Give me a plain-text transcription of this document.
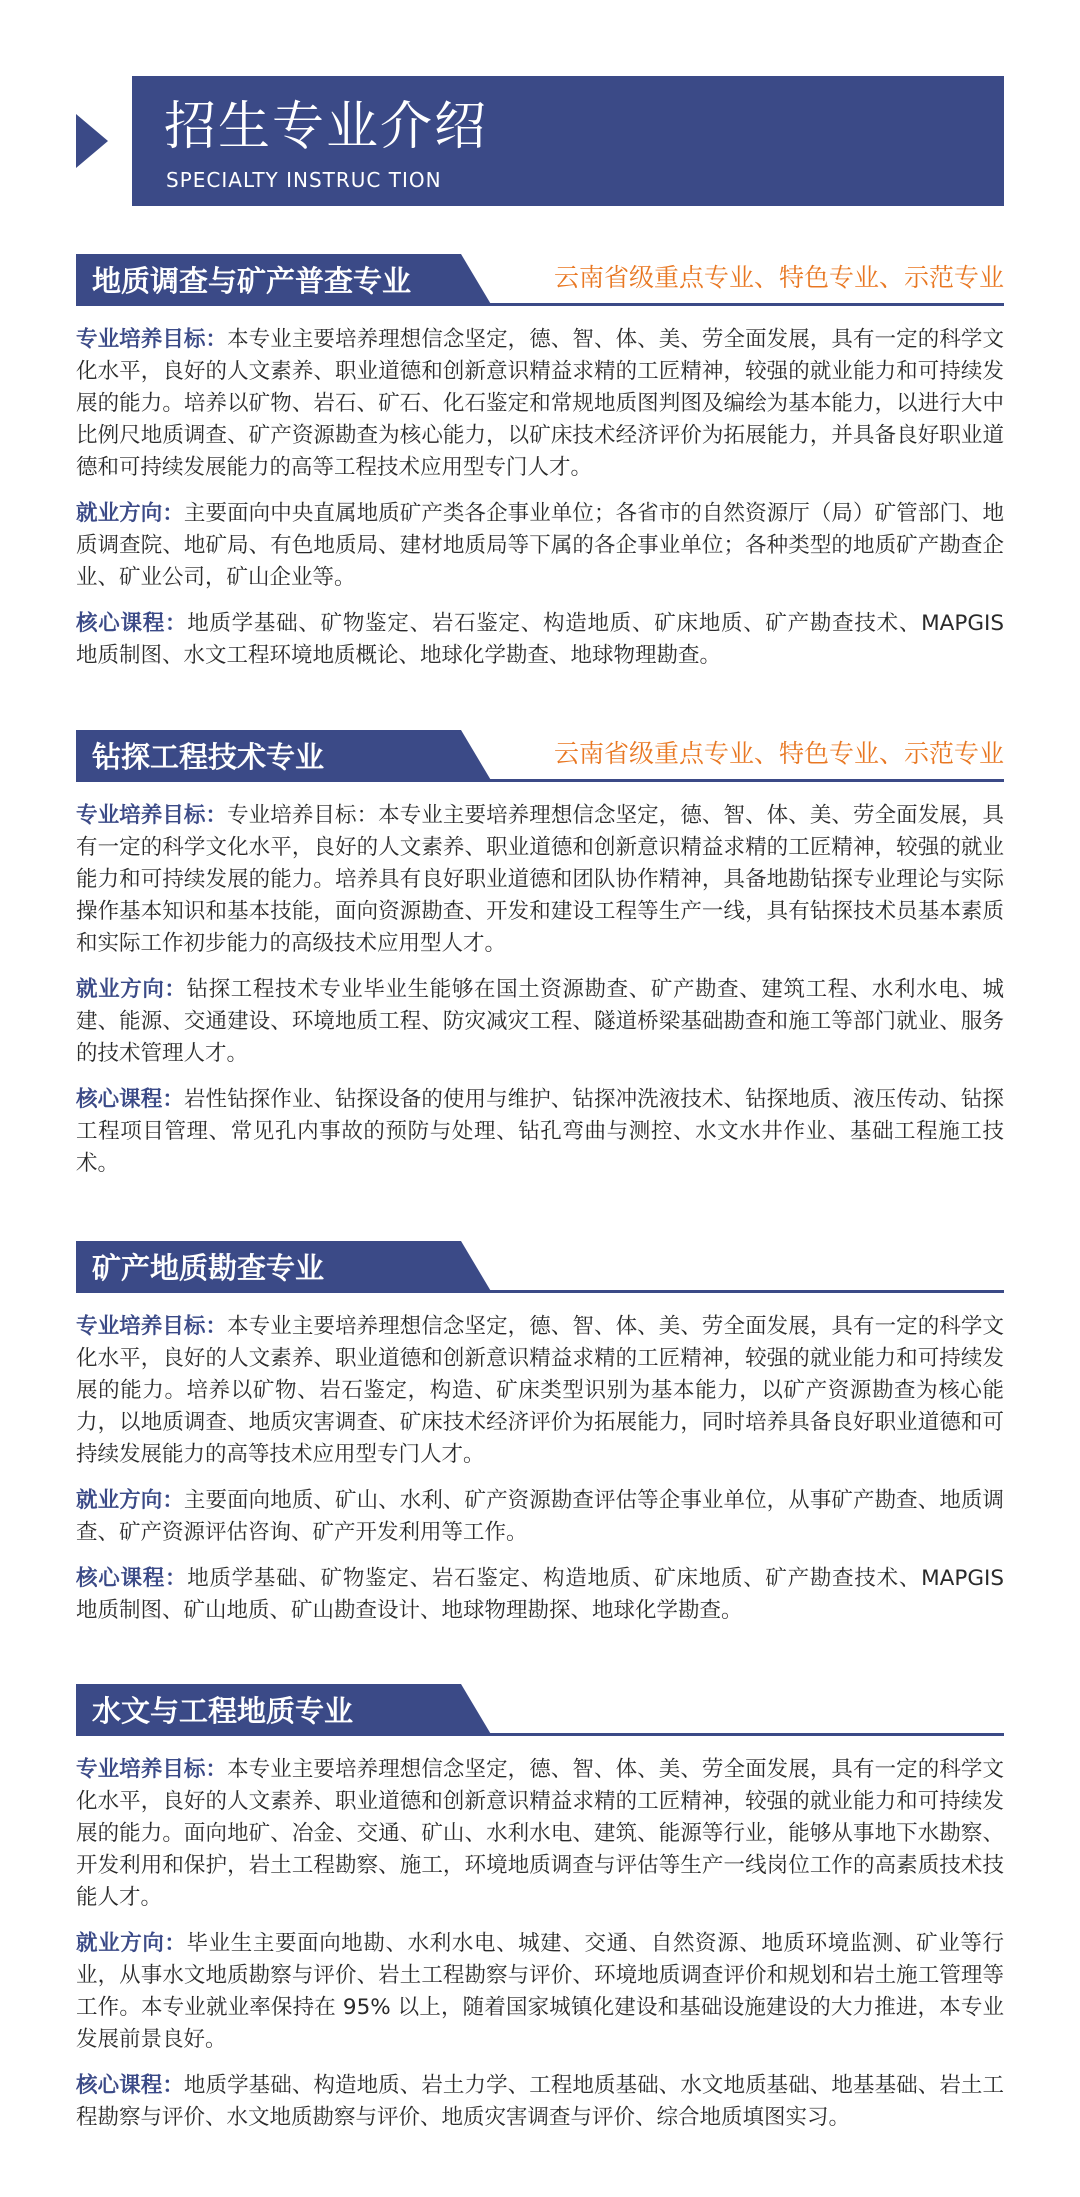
招生专业介绍
SPECIALTY INSTRUC TION
地质调查与矿产普查专业	云南省级重点专业、特色专业、示范专业

专业培养目标：本专业主要培养理想信念坚定，德、智、体、美、劳全面发展，具有一定的科学文化水平，良好的人文素养、职业道德和创新意识精益求精的工匠精神，较强的就业能力和可持续发展的能力。培养以矿物、岩石、矿石、化石鉴定和常规地质图判图及编绘为基本能力，以进行大中比例尺地质调查、矿产资源勘查为核心能力，以矿床技术经济评价为拓展能力，并具备良好职业道德和可持续发展能力的高等工程技术应用型专门人才。

就业方向：主要面向中央直属地质矿产类各企事业单位；各省市的自然资源厅（局）矿管部门、地质调查院、地矿局、有色地质局、建材地质局等下属的各企事业单位；各种类型的地质矿产勘查企业、矿业公司，矿山企业等。

核心课程：地质学基础、矿物鉴定、岩石鉴定、构造地质、矿床地质、矿产勘查技术、MAPGIS 地质制图、水文工程环境地质概论、地球化学勘查、地球物理勘查。

钻探工程技术专业	云南省级重点专业、特色专业、示范专业

专业培养目标：专业培养目标：本专业主要培养理想信念坚定，德、智、体、美、劳全面发展，具有一定的科学文化水平，良好的人文素养、职业道德和创新意识精益求精的工匠精神，较强的就业能力和可持续发展的能力。培养具有良好职业道德和团队协作精神，具备地勘钻探专业理论与实际操作基本知识和基本技能，面向资源勘查、开发和建设工程等生产一线，具有钻探技术员基本素质和实际工作初步能力的高级技术应用型人才。

就业方向：钻探工程技术专业毕业生能够在国土资源勘查、矿产勘查、建筑工程、水利水电、城建、能源、交通建设、环境地质工程、防灾减灾工程、隧道桥梁基础勘查和施工等部门就业、服务的技术管理人才。

核心课程：岩性钻探作业、钻探设备的使用与维护、钻探冲洗液技术、钻探地质、液压传动、钻探工程项目管理、常见孔内事故的预防与处理、钻孔弯曲与测控、水文水井作业、基础工程施工技术。

矿产地质勘查专业

专业培养目标：本专业主要培养理想信念坚定，德、智、体、美、劳全面发展，具有一定的科学文化水平，良好的人文素养、职业道德和创新意识精益求精的工匠精神，较强的就业能力和可持续发展的能力。培养以矿物、岩石鉴定，构造、矿床类型识别为基本能力，以矿产资源勘查为核心能力，以地质调查、地质灾害调查、矿床技术经济评价为拓展能力，同时培养具备良好职业道德和可持续发展能力的高等技术应用型专门人才。

就业方向：主要面向地质、矿山、水利、矿产资源勘查评估等企事业单位，从事矿产勘查、地质调查、矿产资源评估咨询、矿产开发利用等工作。

核心课程：地质学基础、矿物鉴定、岩石鉴定、构造地质、矿床地质、矿产勘查技术、MAPGIS 地质制图、矿山地质、矿山勘查设计、地球物理勘探、地球化学勘查。

水文与工程地质专业

专业培养目标：本专业主要培养理想信念坚定，德、智、体、美、劳全面发展，具有一定的科学文化水平，良好的人文素养、职业道德和创新意识精益求精的工匠精神，较强的就业能力和可持续发展的能力。面向地矿、冶金、交通、矿山、水利水电、建筑、能源等行业，能够从事地下水勘察、开发利用和保护，岩土工程勘察、施工，环境地质调查与评估等生产一线岗位工作的高素质技术技能人才。

就业方向：毕业生主要面向地勘、水利水电、城建、交通、自然资源、地质环境监测、矿业等行业，从事水文地质勘察与评价、岩土工程勘察与评价、环境地质调查评价和规划和岩土施工管理等工作。本专业就业率保持在 95% 以上，随着国家城镇化建设和基础设施建设的大力推进，本专业发展前景良好。

核心课程：地质学基础、构造地质、岩土力学、工程地质基础、水文地质基础、地基基础、岩土工程勘察与评价、水文地质勘察与评价、地质灾害调查与评价、综合地质填图实习。
